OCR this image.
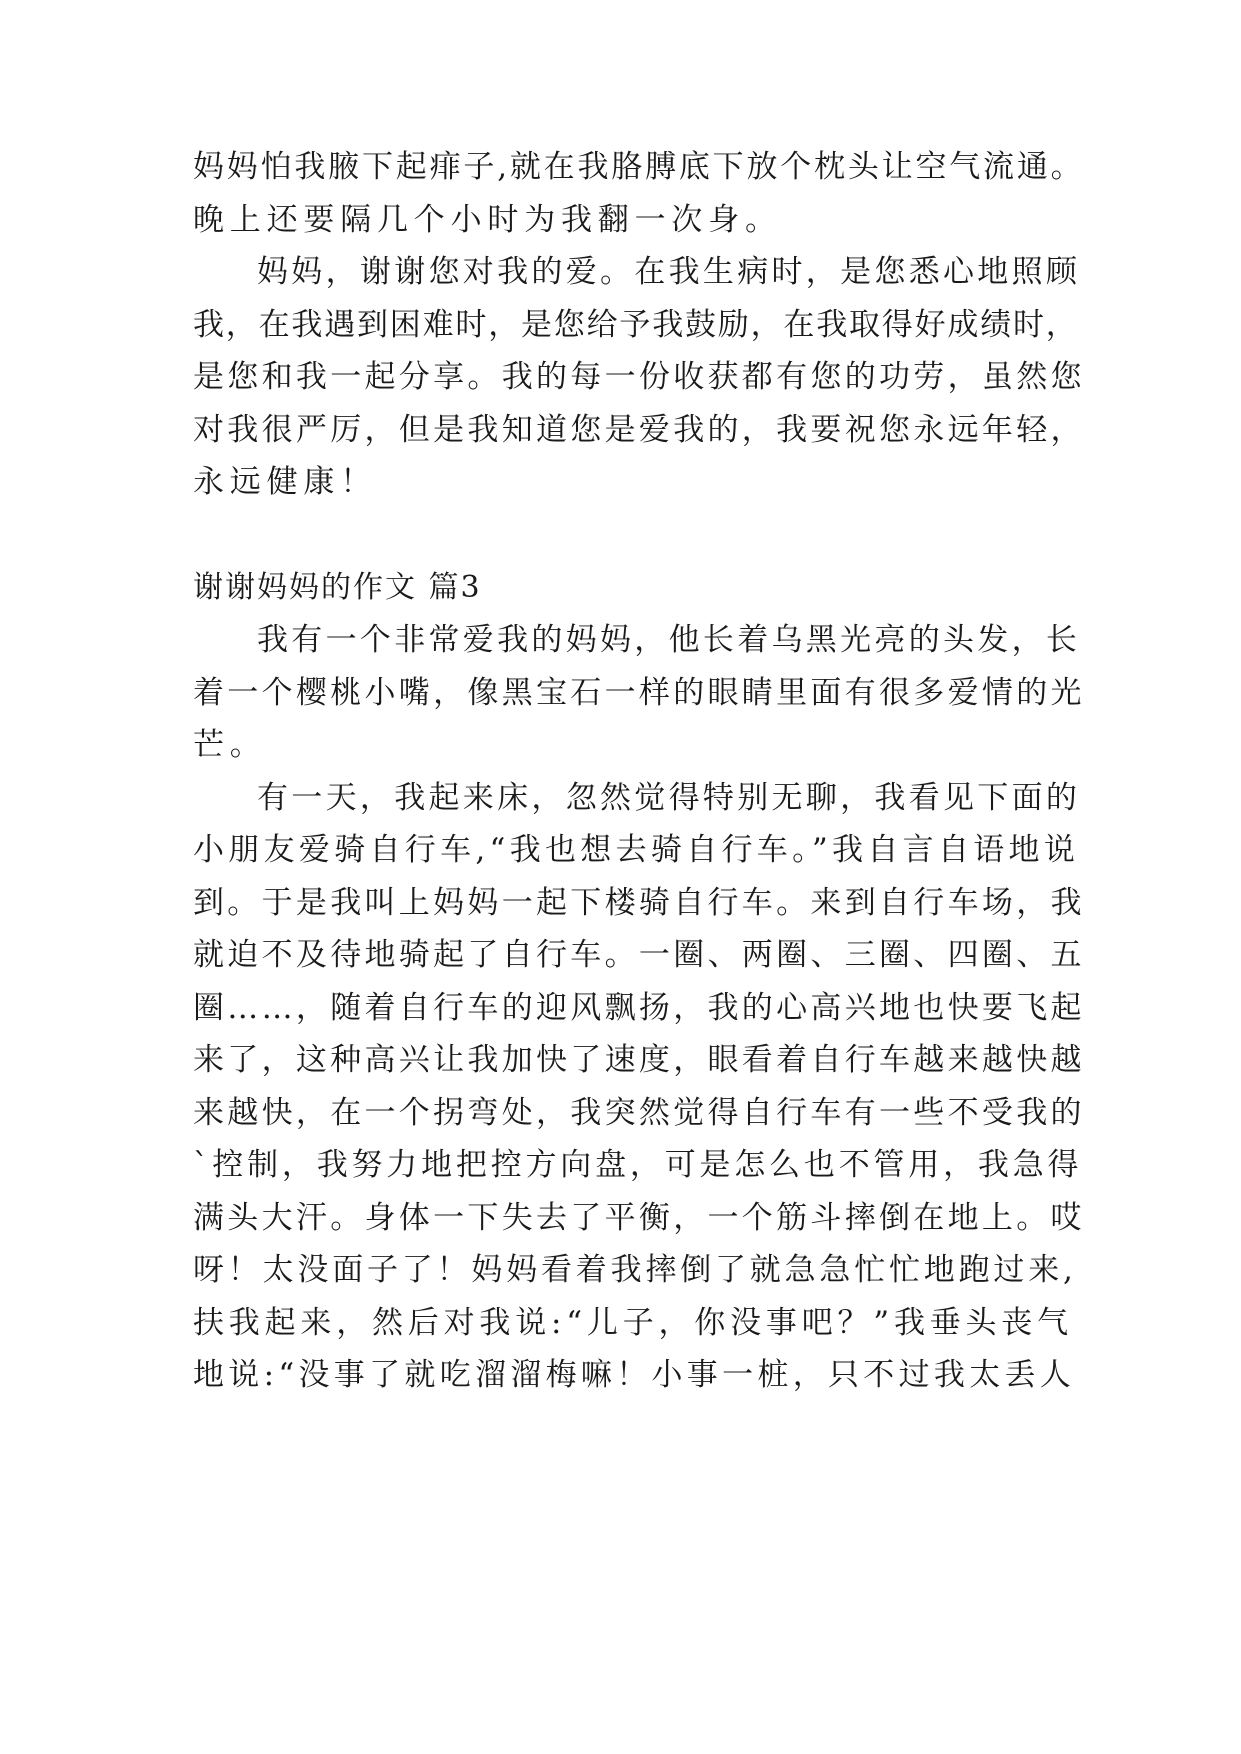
妈妈怕我腋下起痱子,就在我胳膊底下放个枕头让空气流通。
晚上还要隔几个小时为我翻一次身。
妈妈，谢谢您对我的爱。在我生病时，是您悉心地照顾
我，在我遇到困难时，是您给予我鼓励，在我取得好成绩时，
是您和我一起分享。我的每一份收获都有您的功劳，虽然您
对我很严厉，但是我知道您是爱我的，我要祝您永远年轻，
永远健康！
谢谢妈妈的作文 篇3
我有一个非常爱我的妈妈，他长着乌黑光亮的头发，长
着一个樱桃小嘴，像黑宝石一样的眼睛里面有很多爱情的光
芒。
有一天，我起来床，忽然觉得特别无聊，我看见下面的
小朋友爱骑自行车,“我也想去骑自行车。”我自言自语地说
到。于是我叫上妈妈一起下楼骑自行车。来到自行车场，我
就迫不及待地骑起了自行车。一圈、两圈、三圈、四圈、五
圈……，随着自行车的迎风飘扬，我的心高兴地也快要飞起
来了，这种高兴让我加快了速度，眼看着自行车越来越快越
来越快，在一个拐弯处，我突然觉得自行车有一些不受我的
`控制，我努力地把控方向盘，可是怎么也不管用，我急得
满头大汗。身体一下失去了平衡，一个筋斗摔倒在地上。哎
呀！太没面子了！妈妈看着我摔倒了就急急忙忙地跑过来,
扶我起来，然后对我说:“儿子，你没事吧？”我垂头丧气
地说:“没事了就吃溜溜梅嘛！小事一桩，只不过我太丢人
